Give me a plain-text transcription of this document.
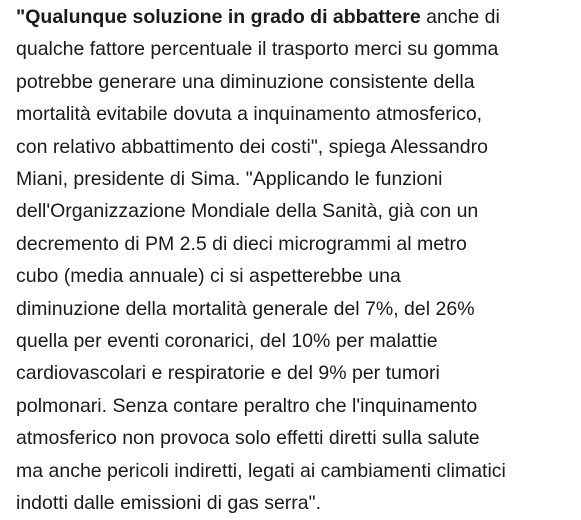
"Qualunque soluzione in grado di abbattere anche di
qualche fattore percentuale il trasporto merci su gomma
potrebbe generare una diminuzione consistente della
mortalità evitabile dovuta a inquinamento atmosferico,
con relativo abbattimento dei costi", spiega Alessandro
Miani, presidente di Sima. "Applicando le funzioni
dell'Organizzazione Mondiale della Sanità, già con un
decremento di PM 2.5 di dieci microgrammi al metro
cubo (media annuale) ci si aspetterebbe una
diminuzione della mortalità generale del 7%, del 26%
quella per eventi coronarici, del 10% per malattie
cardiovascolari e respiratorie e del 9% per tumori
polmonari. Senza contare peraltro che l'inquinamento
atmosferico non provoca solo effetti diretti sulla salute
ma anche pericoli indiretti, legati ai cambiamenti climatici
indotti dalle emissioni di gas serra".
